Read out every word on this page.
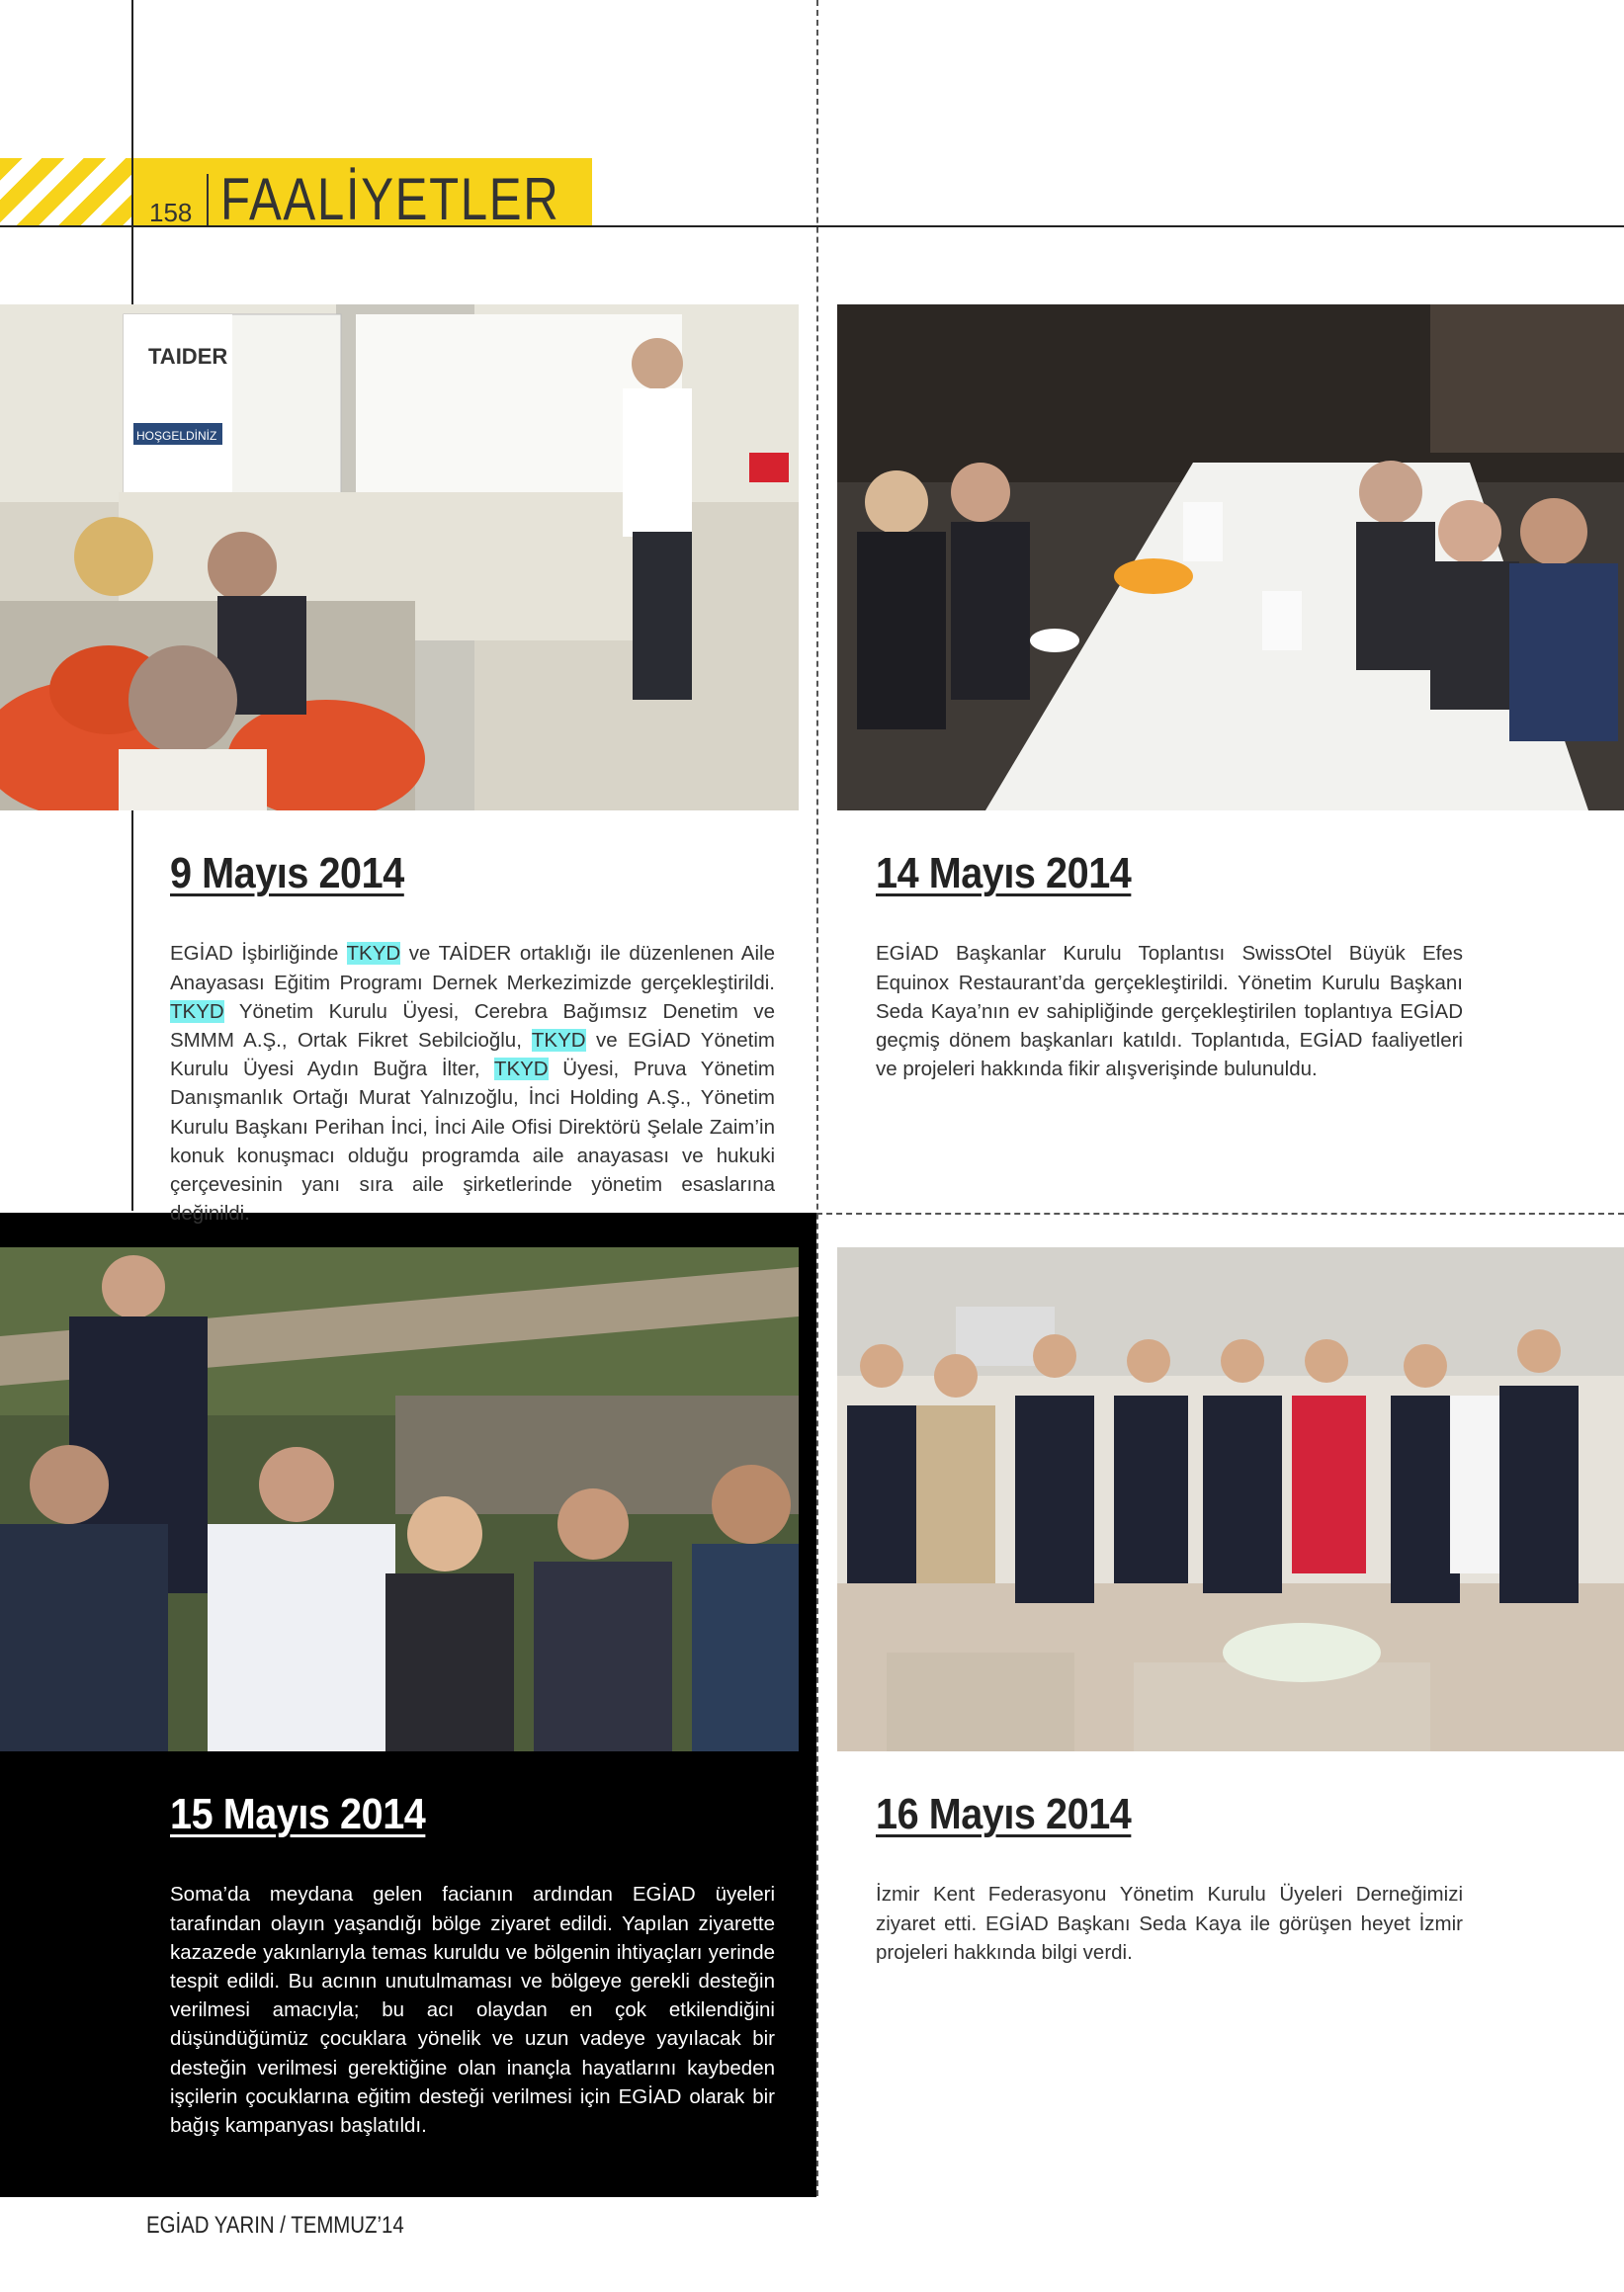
158 FAALİYETLER
TAIDER
HOŞGELDİNİZ
9 Mayıs 2014

EGİAD İşbirliğinde TKYD ve TAİDER ortaklığı ile düzenlenen Aile Anayasası Eğitim Programı Dernek Merkezimizde gerçekleştirildi. TKYD Yönetim Kurulu Üyesi, Cerebra Bağımsız Denetim ve SMMM A.Ş., Ortak Fikret Sebilcioğlu, TKYD ve EGİAD Yönetim Kurulu Üyesi Aydın Buğra İlter, TKYD Üyesi, Pruva Yönetim Danışmanlık Ortağı Murat Yalnızoğlu, İnci Holding A.Ş., Yönetim Kurulu Başkanı Perihan İnci, İnci Aile Ofisi Direktörü Şelale Zaim’in konuk konuşmacı olduğu programda aile anayasası ve hukuki çerçevesinin yanı sıra aile şirketlerinde yönetim esaslarına değinildi.

14 Mayıs 2014

EGİAD Başkanlar Kurulu Toplantısı SwissOtel Büyük Efes Equinox Restaurant’da gerçekleştirildi. Yönetim Kurulu Başkanı Seda Kaya’nın ev sahipliğinde gerçekleştirilen toplantıya EGİAD geçmiş dönem başkanları katıldı. Toplantıda, EGİAD faaliyetleri ve projeleri hakkında fikir alışverişinde bulunuldu.

15 Mayıs 2014

Soma’da meydana gelen facianın ardından EGİAD üyeleri tarafından olayın yaşandığı bölge ziyaret edildi. Yapılan ziyarette kazazede yakınlarıyla temas kuruldu ve bölgenin ihtiyaçları yerinde tespit edildi. Bu acının unutulmaması ve bölgeye gerekli desteğin verilmesi amacıyla; bu acı olaydan en çok etkilendiğini düşündüğümüz çocuklara yönelik ve uzun vadeye yayılacak bir desteğin verilmesi gerektiğine olan inançla hayatlarını kaybeden işçilerin çocuklarına eğitim desteği verilmesi için EGİAD olarak bir bağış kampanyası başlatıldı.

16 Mayıs 2014

İzmir Kent Federasyonu Yönetim Kurulu Üyeleri Derneğimizi ziyaret etti. EGİAD Başkanı Seda Kaya ile görüşen heyet İzmir projeleri hakkında bilgi verdi.

EGİAD YARIN / TEMMUZ’14
